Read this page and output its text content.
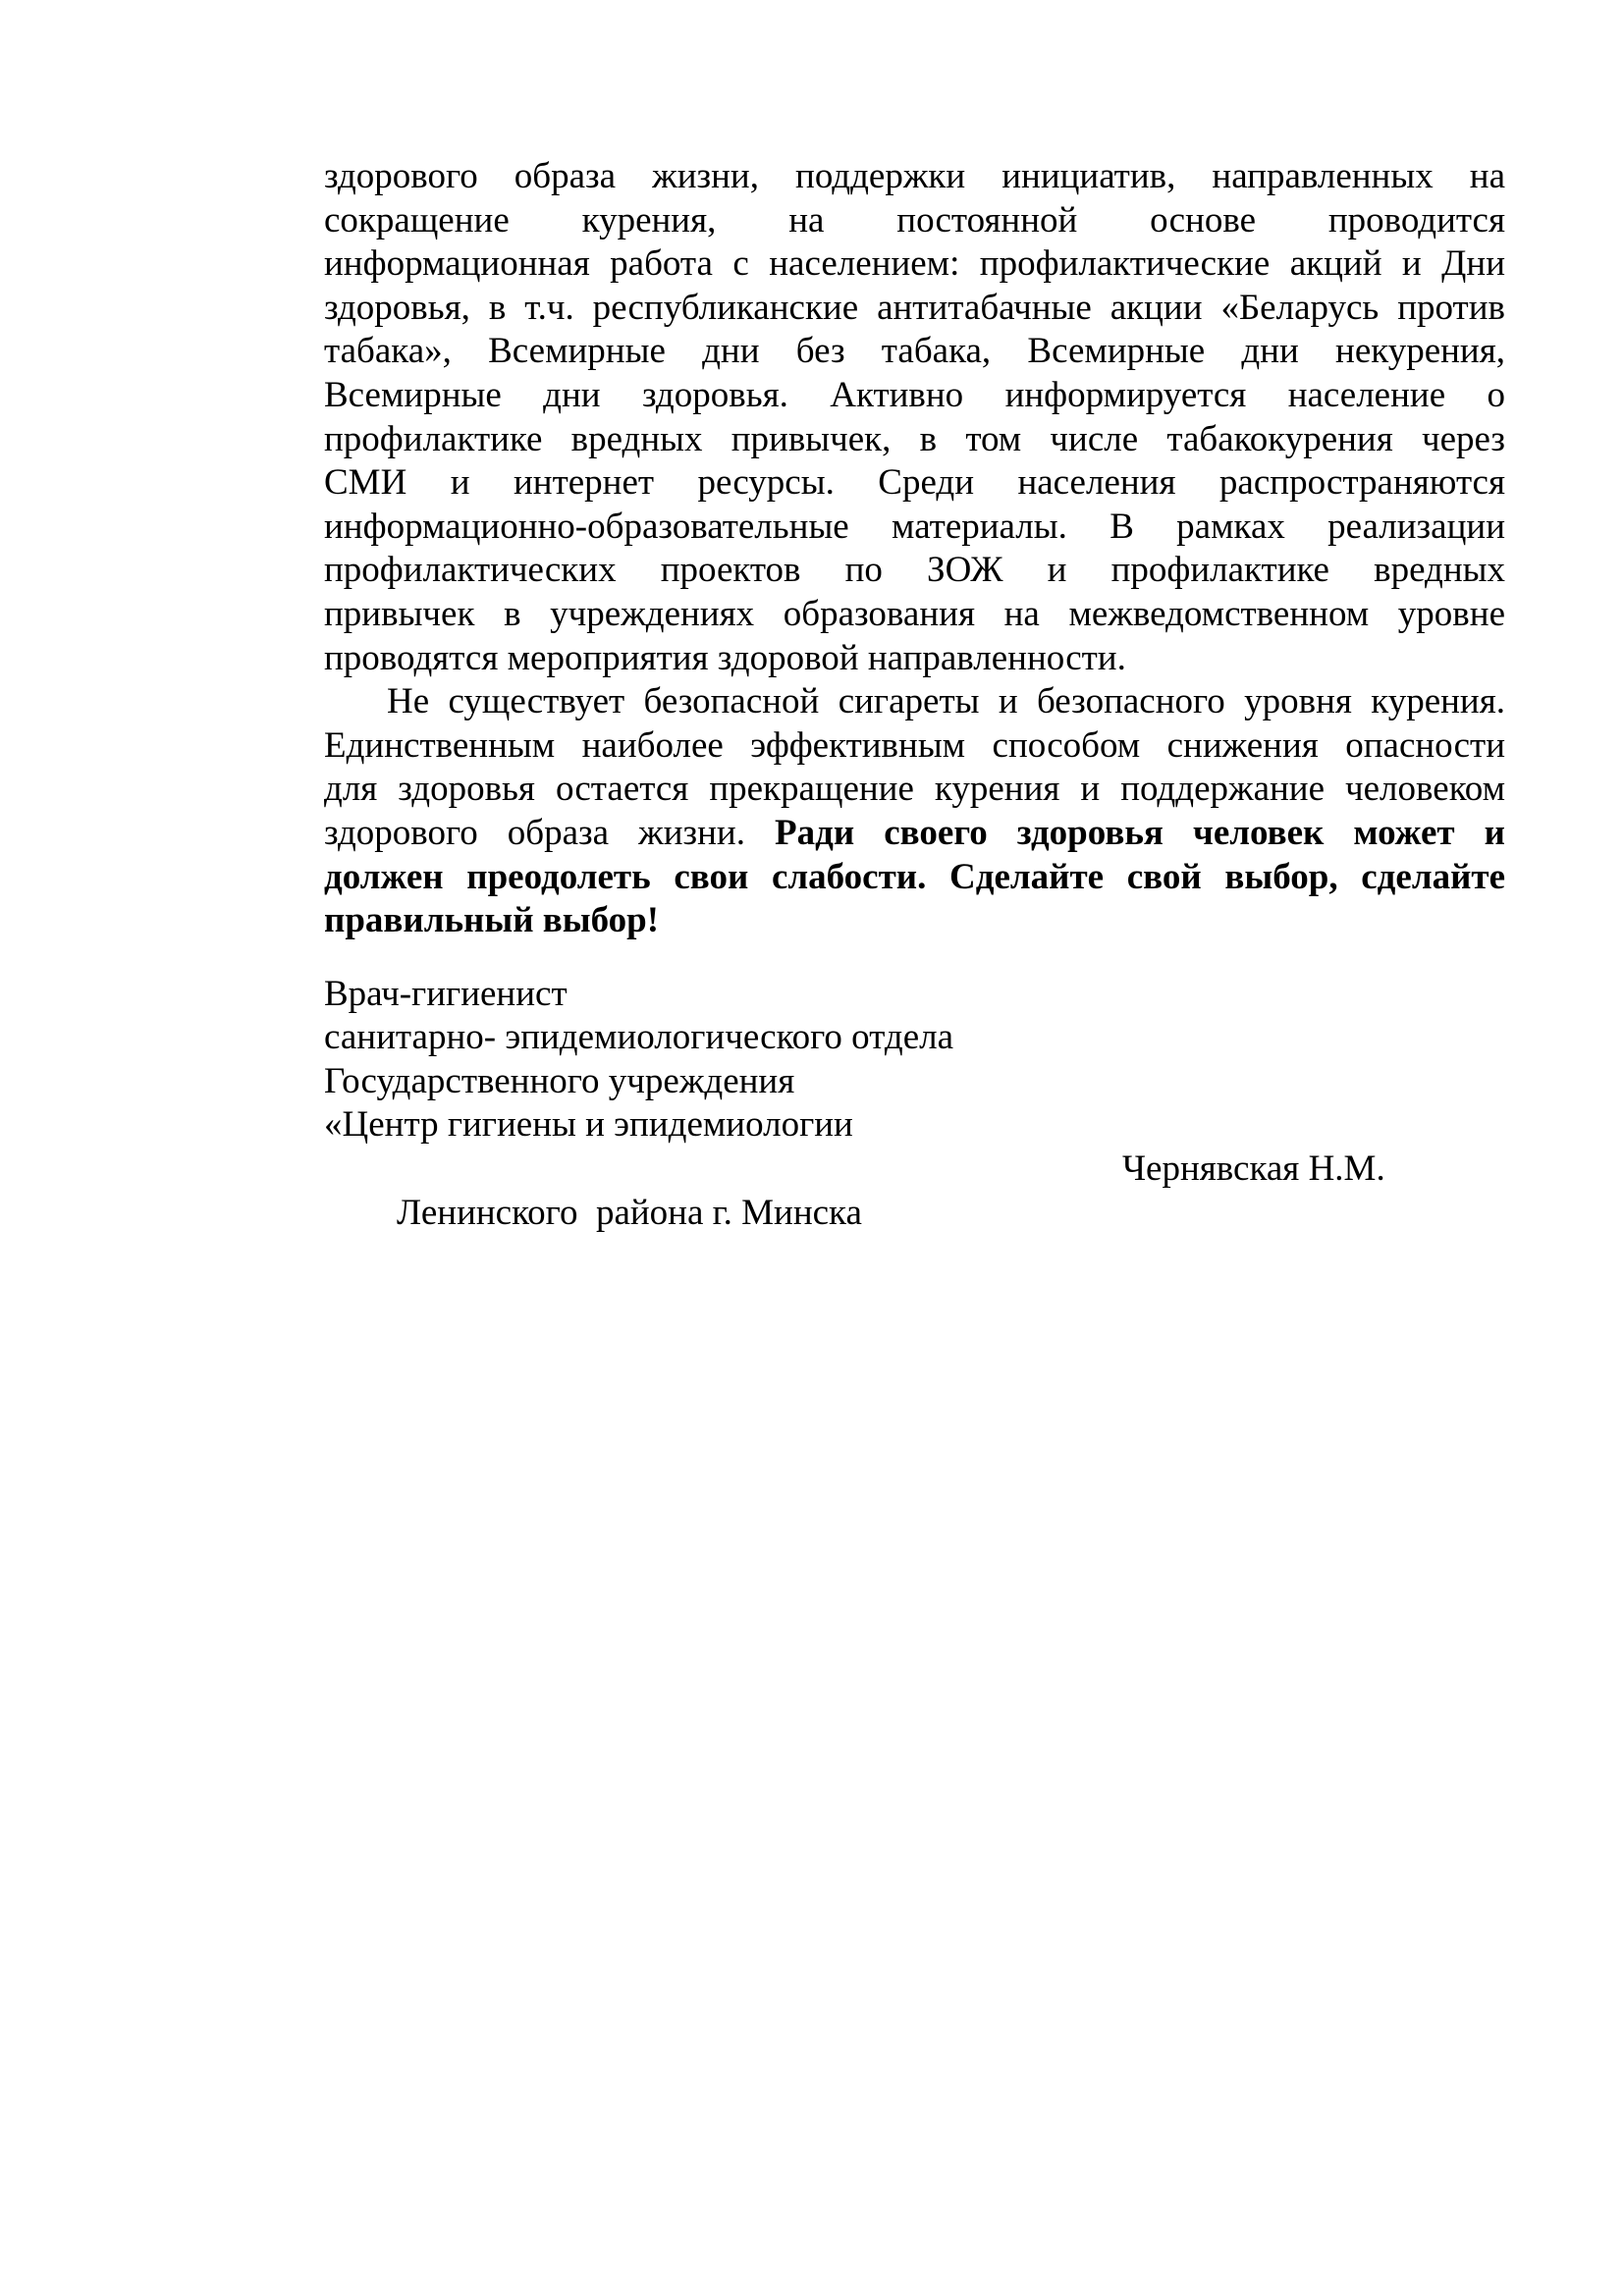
здорового образа жизни, поддержки инициатив, направленных на
сокращение курения, на постоянной основе проводится
информационная работа с населением: профилактические акций и Дни
здоровья, в т.ч. республиканские антитабачные акции «Беларусь против
табака», Всемирные дни без табака, Всемирные дни некурения,
Всемирные дни здоровья. Активно информируется население о
профилактике вредных привычек, в том числе табакокурения через
СМИ и интернет ресурсы. Среди населения распространяются
информационно-образовательные материалы. В рамках реализации
профилактических проектов по ЗОЖ и профилактике вредных
привычек в учреждениях образования на межведомственном уровне
проводятся мероприятия здоровой направленности.
Не существует безопасной сигареты и безопасного уровня курения.
Единственным наиболее эффективным способом снижения опасности
для здоровья остается прекращение курения и поддержание человеком
здорового образа жизни. Ради своего здоровья человек может и
должен преодолеть свои слабости. Сделайте свой выбор, сделайте
правильный выбор!
Врач-гигиенист
санитарно- эпидемиологического отдела
Государственного учреждения
«Центр гигиены и эпидемиологии

Ленинского  района г. Минска

Чернявская Н.М.
